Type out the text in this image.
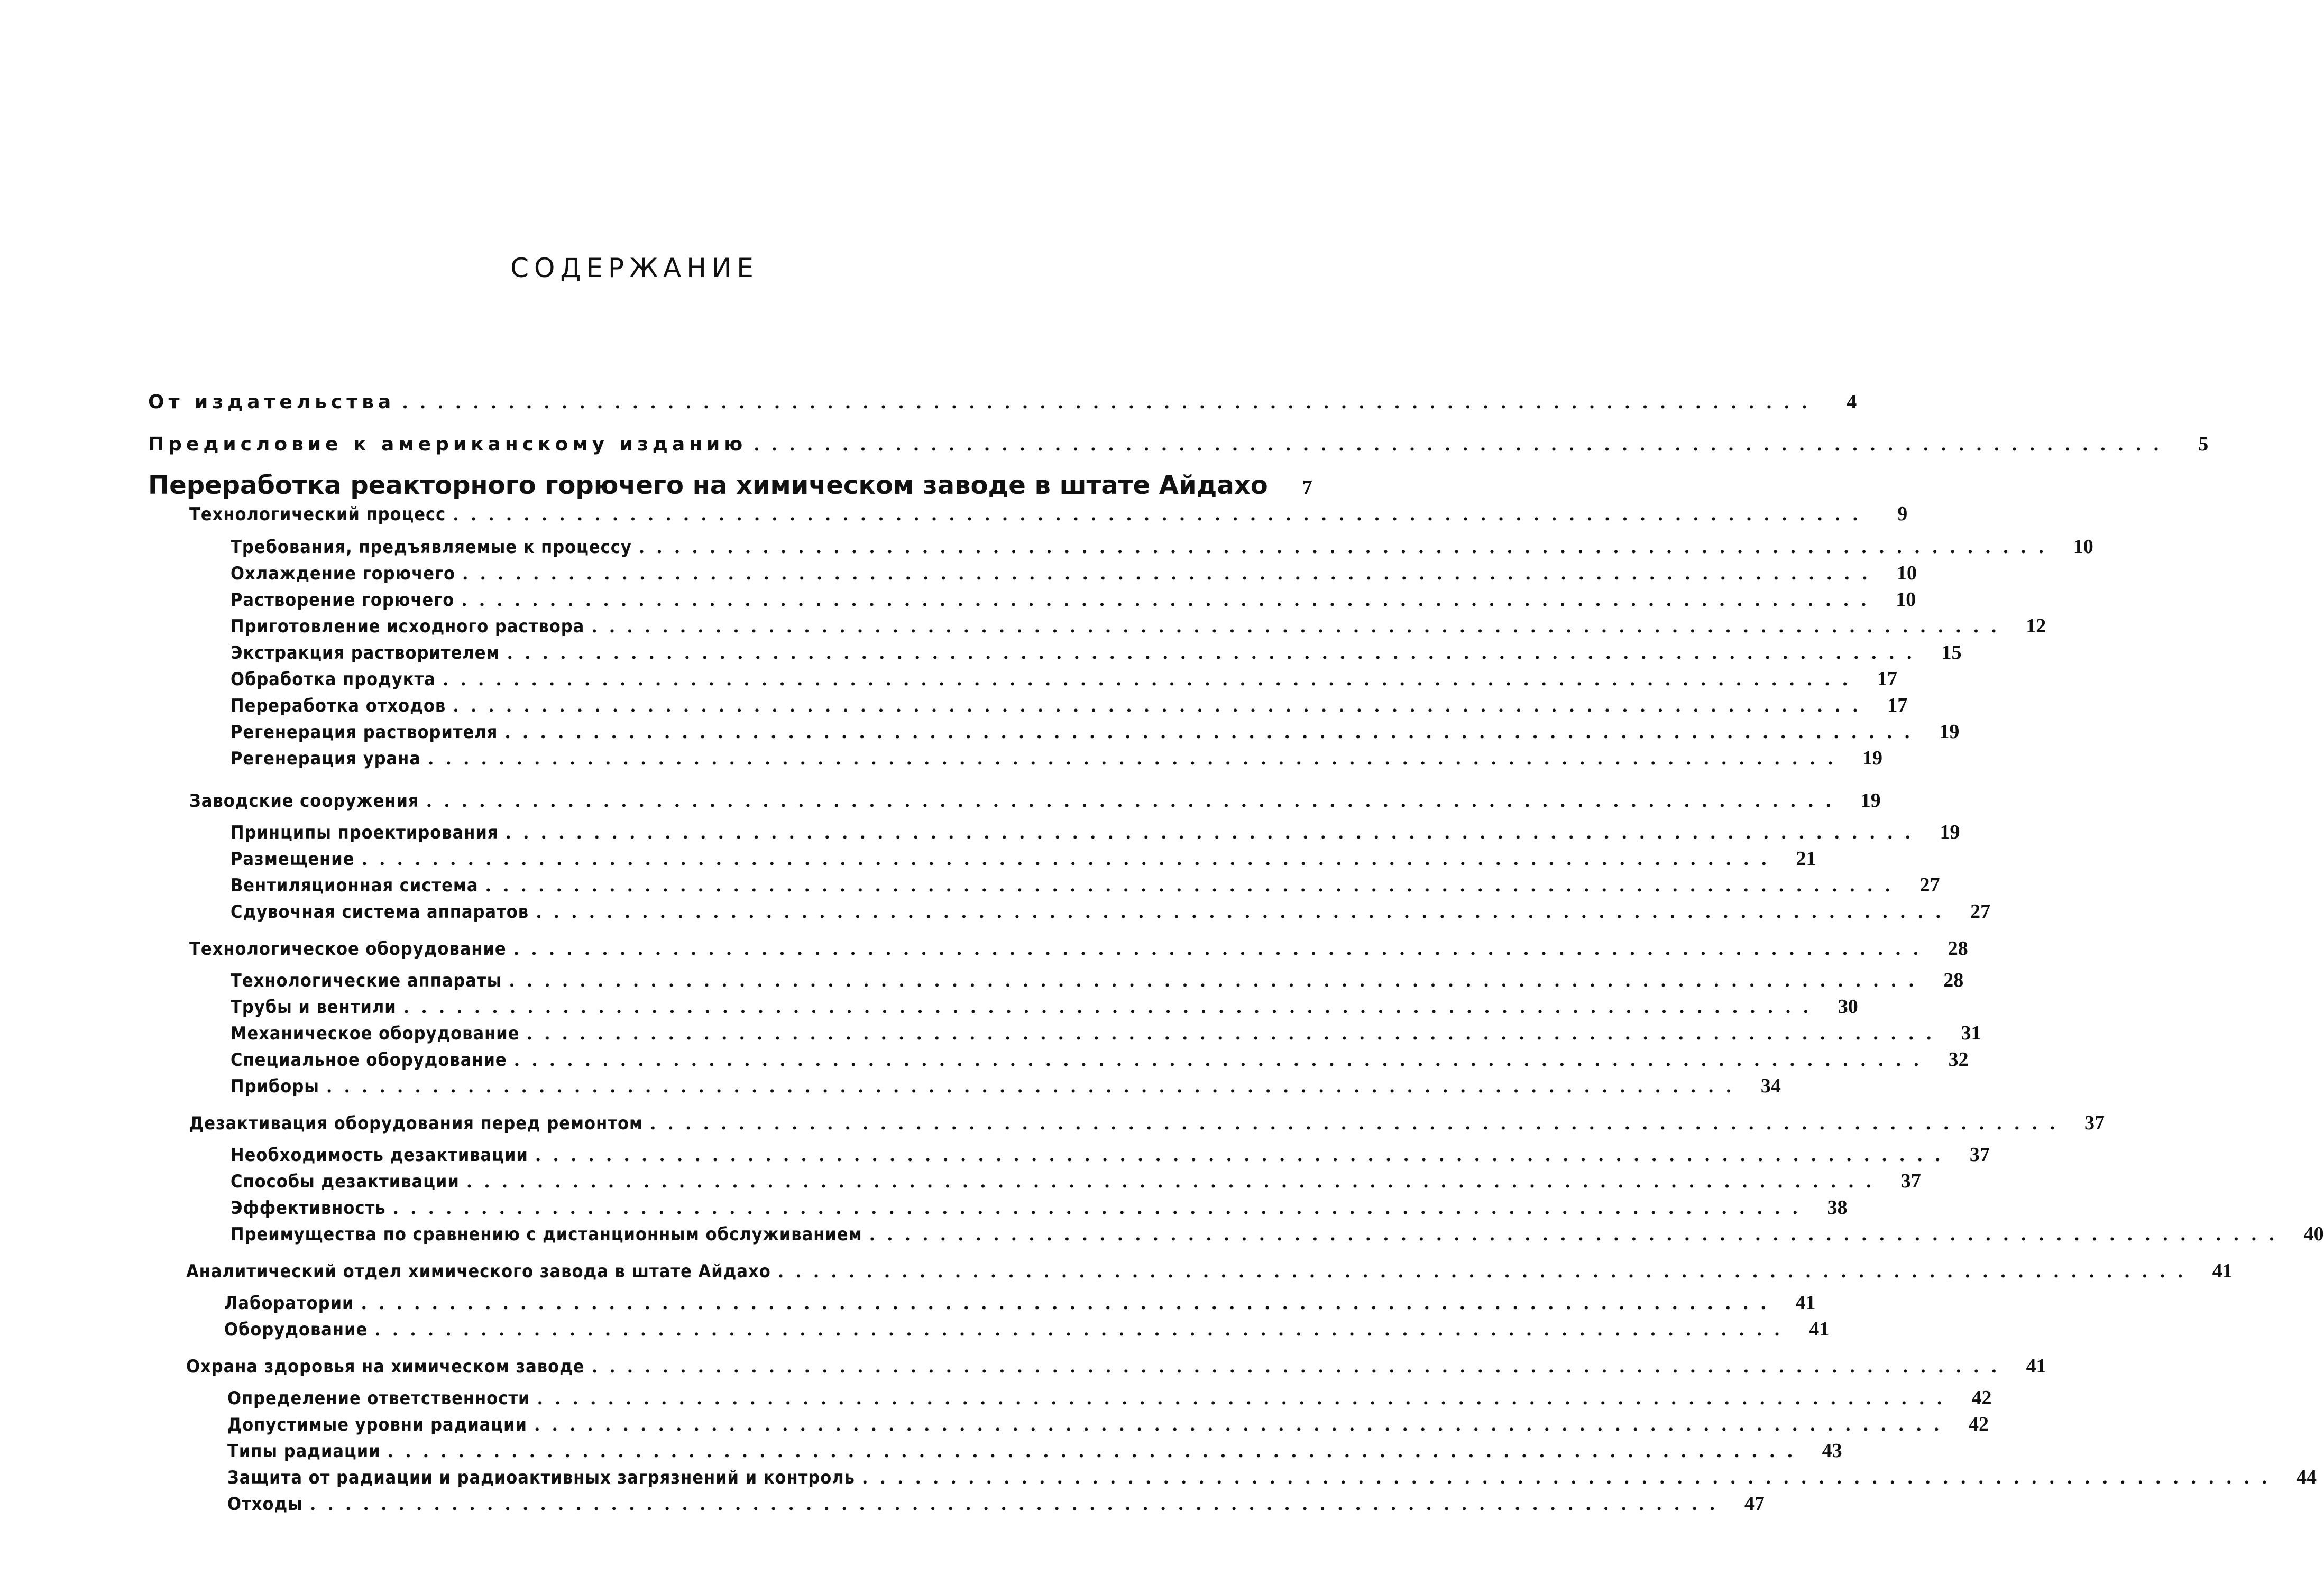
СОДЕРЖАНИЕ
От издательства ................................................................................	4
Предисловие к американскому изданию ................................................................................	5
Переработка реакторного горючего на химическом заводе в штате Айдахо	7
Технологический процесс ................................................................................	9
Требования, предъявляемые к процессу ................................................................................ 10
Охлаждение горючего ................................................................................ 10
Растворение горючего ................................................................................ 10
Приготовление исходного раствора ................................................................................ 12
Экстракция растворителем ................................................................................ 15
Обработка продукта ................................................................................ 17
Переработка отходов ................................................................................ 17
Регенерация растворителя ................................................................................ 19
Регенерация урана ................................................................................ 19
Заводские сооружения ................................................................................ 19
Принципы проектирования ................................................................................ 19
Размещение ................................................................................ 21
Вентиляционная система ................................................................................ 27
Сдувочная система аппаратов ................................................................................ 27
Технологическое оборудование ................................................................................ 28
Технологические аппараты ................................................................................ 28
Трубы и вентили ................................................................................ 30
Механическое оборудование ................................................................................ 31
Специальное оборудование ................................................................................ 32
Приборы ................................................................................ 34
Дезактивация оборудования перед ремонтом ................................................................................ 37
Необходимость дезактивации ................................................................................ 37
Способы дезактивации ................................................................................ 37
Эффективность ................................................................................ 38
Преимущества по сравнению с дистанционным обслуживанием ................................................................................ 40
Аналитический отдел химического завода в штате Айдахо ................................................................................ 41
Лаборатории ................................................................................ 41
Оборудование ................................................................................ 41
Охрана здоровья на химическом заводе ................................................................................ 41
Определение ответственности ................................................................................ 42
Допустимые уровни радиации ................................................................................ 42
Типы радиации ................................................................................ 43
Защита от радиации и радиоактивных загрязнений и контроль ................................................................................ 44
Отходы ................................................................................ 47
